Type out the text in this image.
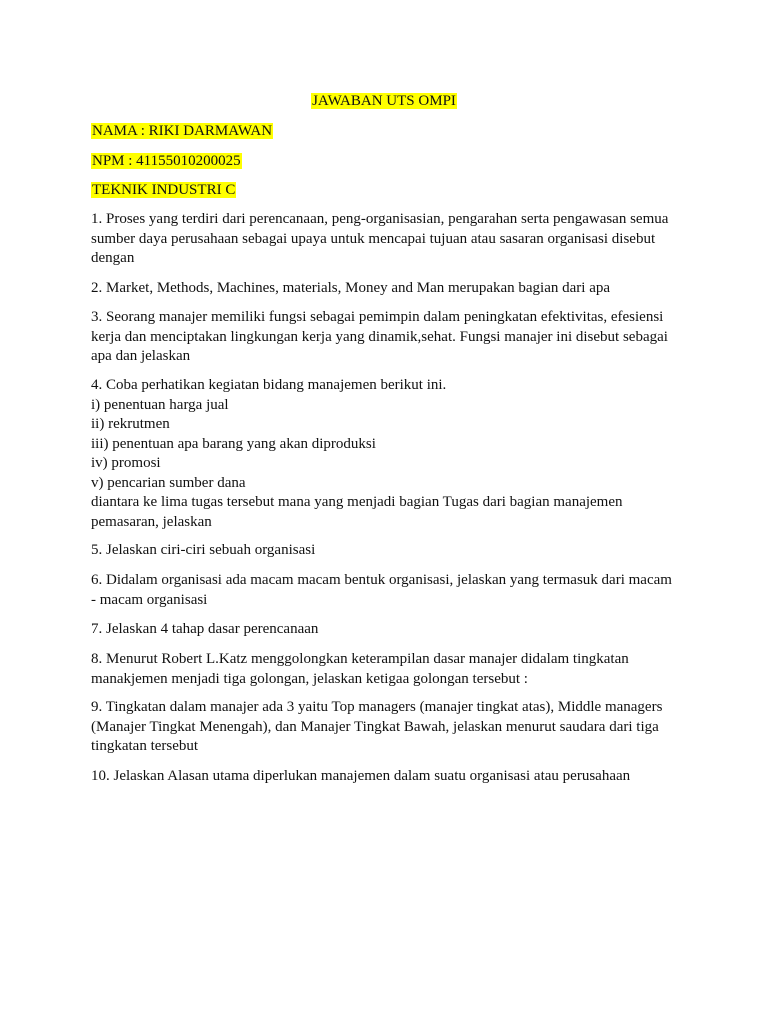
JAWABAN UTS OMPI
NAMA : RIKI DARMAWAN
NPM : 41155010200025
TEKNIK INDUSTRI C
1. Proses yang terdiri dari perencanaan, peng-organisasian, pengarahan serta pengawasan semua
sumber daya perusahaan sebagai upaya untuk mencapai tujuan atau sasaran organisasi disebut
dengan
2. Market, Methods, Machines, materials, Money and Man merupakan bagian dari apa
3. Seorang manajer memiliki fungsi sebagai pemimpin dalam peningkatan efektivitas, efesiensi
kerja dan menciptakan lingkungan kerja yang dinamik,sehat. Fungsi manajer ini disebut sebagai
apa dan jelaskan
4. Coba perhatikan kegiatan bidang manajemen berikut ini.
i) penentuan harga jual
ii) rekrutmen
iii) penentuan apa barang yang akan diproduksi
iv) promosi
v) pencarian sumber dana
diantara ke lima tugas tersebut mana yang menjadi bagian Tugas dari bagian manajemen
pemasaran, jelaskan
5. Jelaskan ciri-ciri sebuah organisasi
6. Didalam organisasi ada macam macam bentuk organisasi, jelaskan yang termasuk dari macam
- macam organisasi
7. Jelaskan 4 tahap dasar perencanaan
8. Menurut Robert L.Katz menggolongkan keterampilan dasar manajer didalam tingkatan
manakjemen menjadi tiga golongan, jelaskan ketigaa golongan tersebut :
9. Tingkatan dalam manajer ada 3 yaitu Top managers (manajer tingkat atas), Middle managers
(Manajer Tingkat Menengah), dan Manajer Tingkat Bawah, jelaskan menurut saudara dari tiga
tingkatan tersebut
10. Jelaskan Alasan utama diperlukan manajemen dalam suatu organisasi atau perusahaan
